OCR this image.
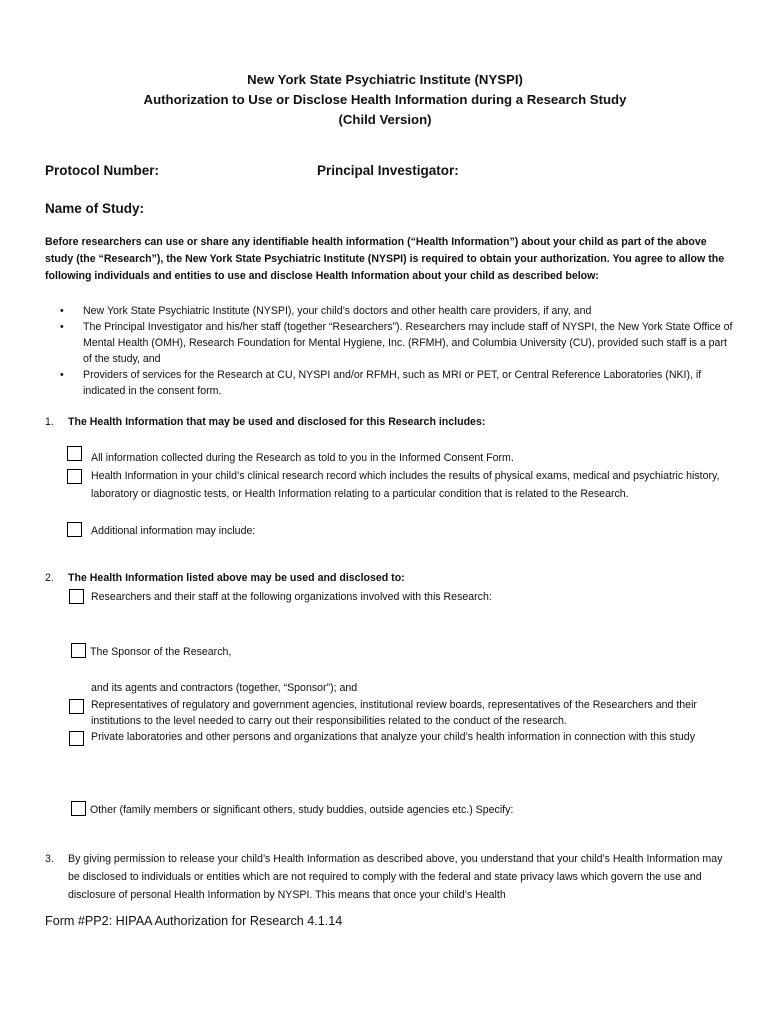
New York State Psychiatric Institute (NYSPI)

Authorization to Use or Disclose Health Information during a Research Study

(Child Version)

Protocol Number:	Principal Investigator:

Name of Study:

Before researchers can use or share any identifiable health information (“Health Information”) about your child as part of the above study (the “Research”), the New York State Psychiatric Institute (NYSPI) is required to obtain your authorization. You agree to allow the following individuals and entities to use and disclose Health Information about your child as described below:

• New York State Psychiatric Institute (NYSPI), your child’s doctors and other health care providers, if any, and
• The Principal Investigator and his/her staff (together “Researchers”). Researchers may include staff of NYSPI, the New York State Office of Mental Health (OMH), Research Foundation for Mental Hygiene, Inc. (RFMH), and Columbia University (CU), provided such staff is a part of the study, and
• Providers of services for the Research at CU, NYSPI and/or RFMH, such as MRI or PET, or Central Reference Laboratories (NKI), if indicated in the consent form.

1. The Health Information that may be used and disclosed for this Research includes:

All information collected during the Research as told to you in the Informed Consent Form.

Health Information in your child’s clinical research record which includes the results of physical exams, medical and psychiatric history, laboratory or diagnostic tests, or Health Information relating to a particular condition that is related to the Research.

Additional information may include:

2. The Health Information listed above may be used and disclosed to:

Researchers and their staff at the following organizations involved with this Research:

The Sponsor of the Research,

and its agents and contractors (together, “Sponsor”); and

Representatives of regulatory and government agencies, institutional review boards, representatives of the Researchers and their institutions to the level needed to carry out their responsibilities related to the conduct of the research.

Private laboratories and other persons and organizations that analyze your child’s health information in connection with this study

Other (family members or significant others, study buddies, outside agencies etc.) Specify:

3. By giving permission to release your child’s Health Information as described above, you understand that your child’s Health Information may be disclosed to individuals or entities which are not required to comply with the federal and state privacy laws which govern the use and disclosure of personal Health Information by NYSPI. This means that once your child’s Health

Form #PP2: HIPAA Authorization for Research 4.1.14
